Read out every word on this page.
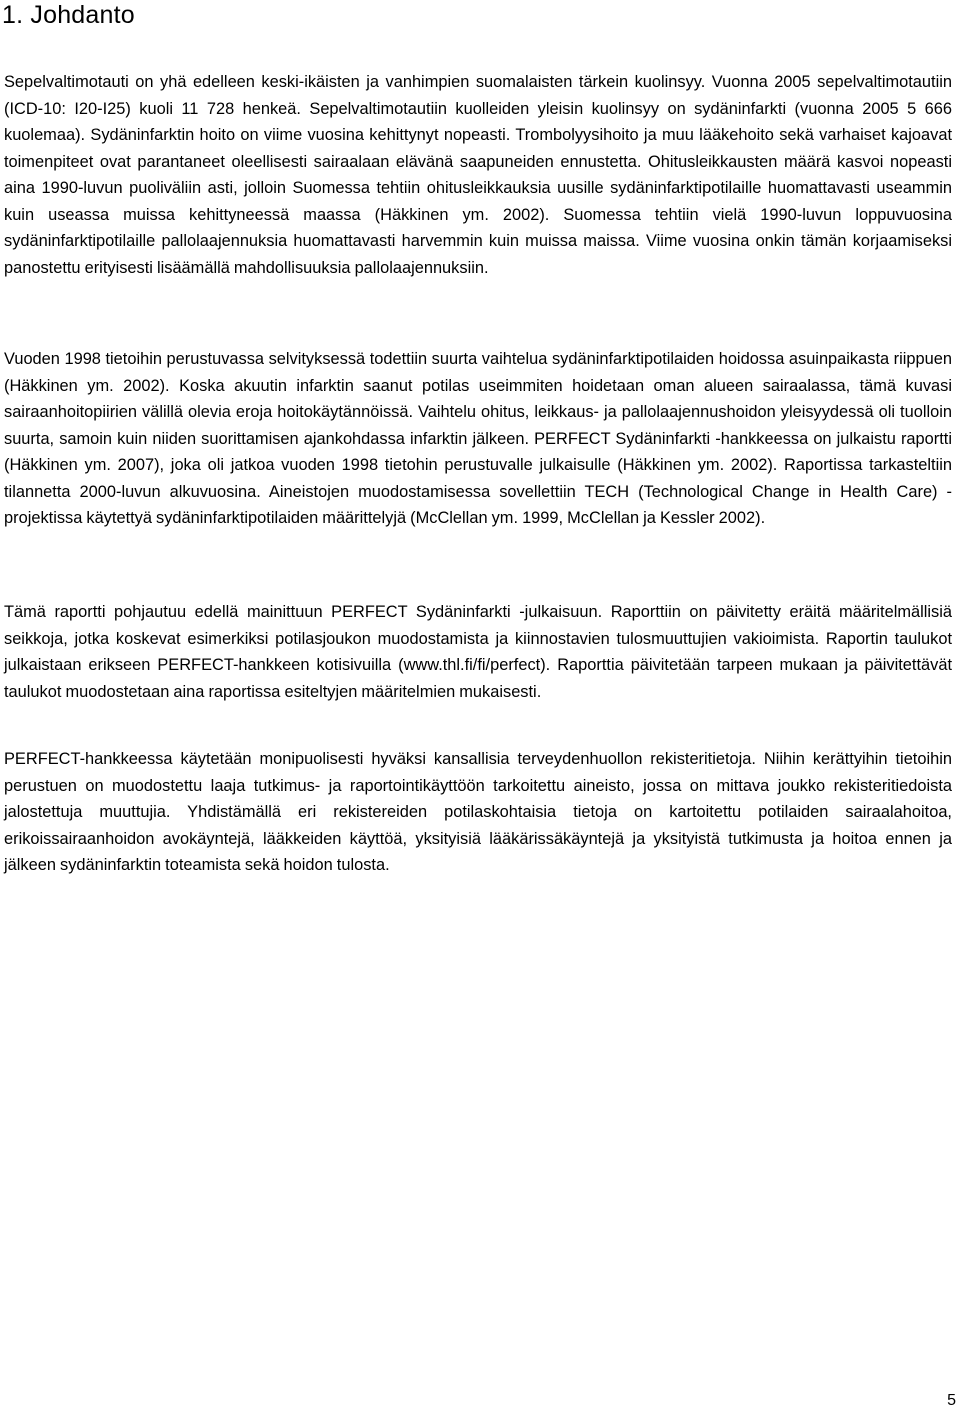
1. Johdanto

Sepelvaltimotauti on yhä edelleen keski-ikäisten ja vanhimpien suomalaisten tärkein kuolinsyy. Vuonna 2005 sepelvaltimotautiin (ICD-10: I20-I25) kuoli 11 728 henkeä. Sepelvaltimotautiin kuolleiden yleisin kuolinsyy on sydäninfarkti (vuonna 2005 5 666 kuolemaa). Sydäninfarktin hoito on viime vuosina kehittynyt nopeasti. Trombolyysihoito ja muu lääkehoito sekä varhaiset kajoavat toimenpiteet ovat parantaneet oleellisesti sairaalaan elävänä saapuneiden ennustetta. Ohitusleikkausten määrä kasvoi nopeasti aina 1990-luvun puoliväliin asti, jolloin Suomessa tehtiin ohitusleikkauksia uusille sydäninfarktipotilaille huomattavasti useammin kuin useassa muissa kehittyneessä maassa (Häkkinen ym. 2002). Suomessa tehtiin vielä 1990-luvun loppuvuosina sydäninfarktipotilaille pallolaajennuksia huomattavasti harvemmin kuin muissa maissa. Viime vuosina onkin tämän korjaamiseksi panostettu erityisesti lisäämällä mahdollisuuksia pallolaajennuksiin.

Vuoden 1998 tietoihin perustuvassa selvityksessä todettiin suurta vaihtelua sydäninfarktipotilaiden hoidossa asuinpaikasta riippuen (Häkkinen ym. 2002). Koska akuutin infarktin saanut potilas useimmiten hoidetaan oman alueen sairaalassa, tämä kuvasi sairaanhoitopiirien välillä olevia eroja hoitokäytännöissä. Vaihtelu ohitus, leikkaus- ja pallolaajennushoidon yleisyydessä oli tuolloin suurta, samoin kuin niiden suorittamisen ajankohdassa infarktin jälkeen. PERFECT Sydäninfarkti -hankkeessa on julkaistu raportti (Häkkinen ym. 2007), joka oli jatkoa vuoden 1998 tietohin perustuvalle julkaisulle (Häkkinen ym. 2002). Raportissa tarkasteltiin tilannetta 2000-luvun alkuvuosina. Aineistojen muodostamisessa sovellettiin TECH (Technological Change in Health Care) -projektissa käytettyä sydäninfarktipotilaiden määrittelyjä (McClellan ym. 1999, McClellan ja Kessler 2002).

Tämä raportti pohjautuu edellä mainittuun PERFECT Sydäninfarkti -julkaisuun. Raporttiin on päivitetty eräitä määritelmällisiä seikkoja, jotka koskevat esimerkiksi potilasjoukon muodostamista ja kiinnostavien tulosmuuttujien vakioimista. Raportin taulukot julkaistaan erikseen PERFECT-hankkeen kotisivuilla (www.thl.fi/fi/perfect). Raporttia päivitetään tarpeen mukaan ja päivitettävät taulukot muodostetaan aina raportissa esiteltyjen määritelmien mukaisesti.

PERFECT-hankkeessa käytetään monipuolisesti hyväksi kansallisia terveydenhuollon rekisteritietoja. Niihin kerättyihin tietoihin perustuen on muodostettu laaja tutkimus- ja raportointikäyttöön tarkoitettu aineisto, jossa on mittava joukko rekisteritiedoista jalostettuja muuttujia. Yhdistämällä eri rekistereiden potilaskohtaisia tietoja on kartoitettu potilaiden sairaalahoitoa, erikoissairaanhoidon avokäyntejä, lääkkeiden käyttöä, yksityisiä lääkärissäkäyntejä ja yksityistä tutkimusta ja hoitoa ennen ja jälkeen sydäninfarktin toteamista sekä hoidon tulosta.

5
